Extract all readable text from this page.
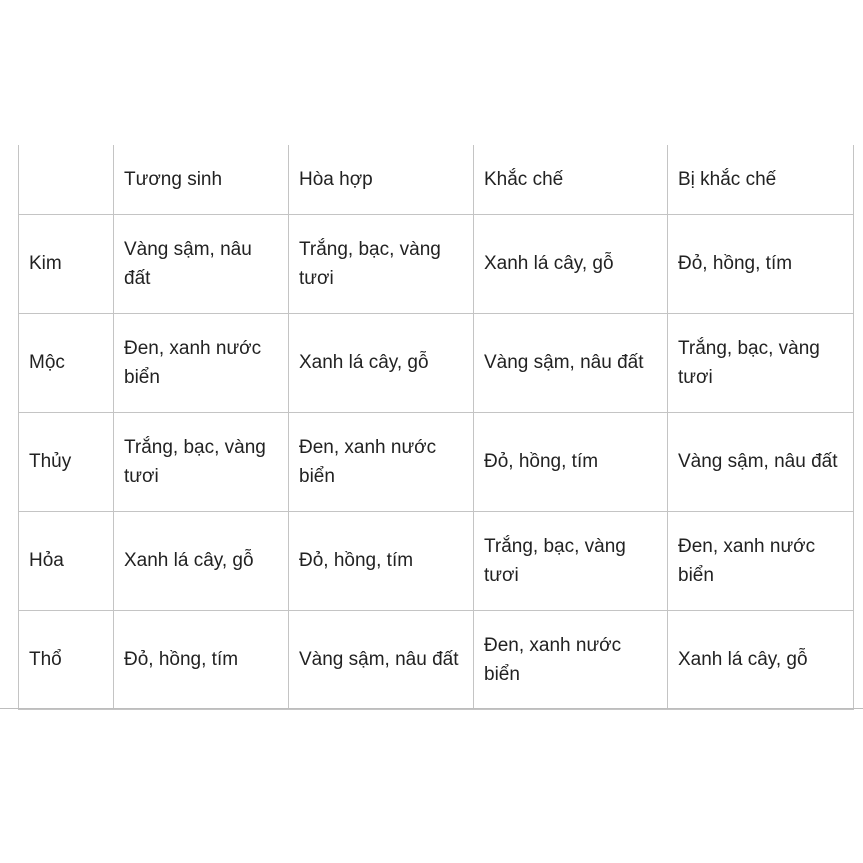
	Tương sinh	Hòa hợp	Khắc chế	Bị khắc chế
Kim	Vàng sậm, nâu đất	Trắng, bạc, vàng tươi	Xanh lá cây, gỗ	Đỏ, hồng, tím
Mộc	Đen, xanh nước biển	Xanh lá cây, gỗ	Vàng sậm, nâu đất	Trắng, bạc, vàng tươi
Thủy	Trắng, bạc, vàng tươi	Đen, xanh nước biển	Đỏ, hồng, tím	Vàng sậm, nâu đất
Hỏa	Xanh lá cây, gỗ	Đỏ, hồng, tím	Trắng, bạc, vàng tươi	Đen, xanh nước biển
Thổ	Đỏ, hồng, tím	Vàng sậm, nâu đất	Đen, xanh nước biển	Xanh lá cây, gỗ
